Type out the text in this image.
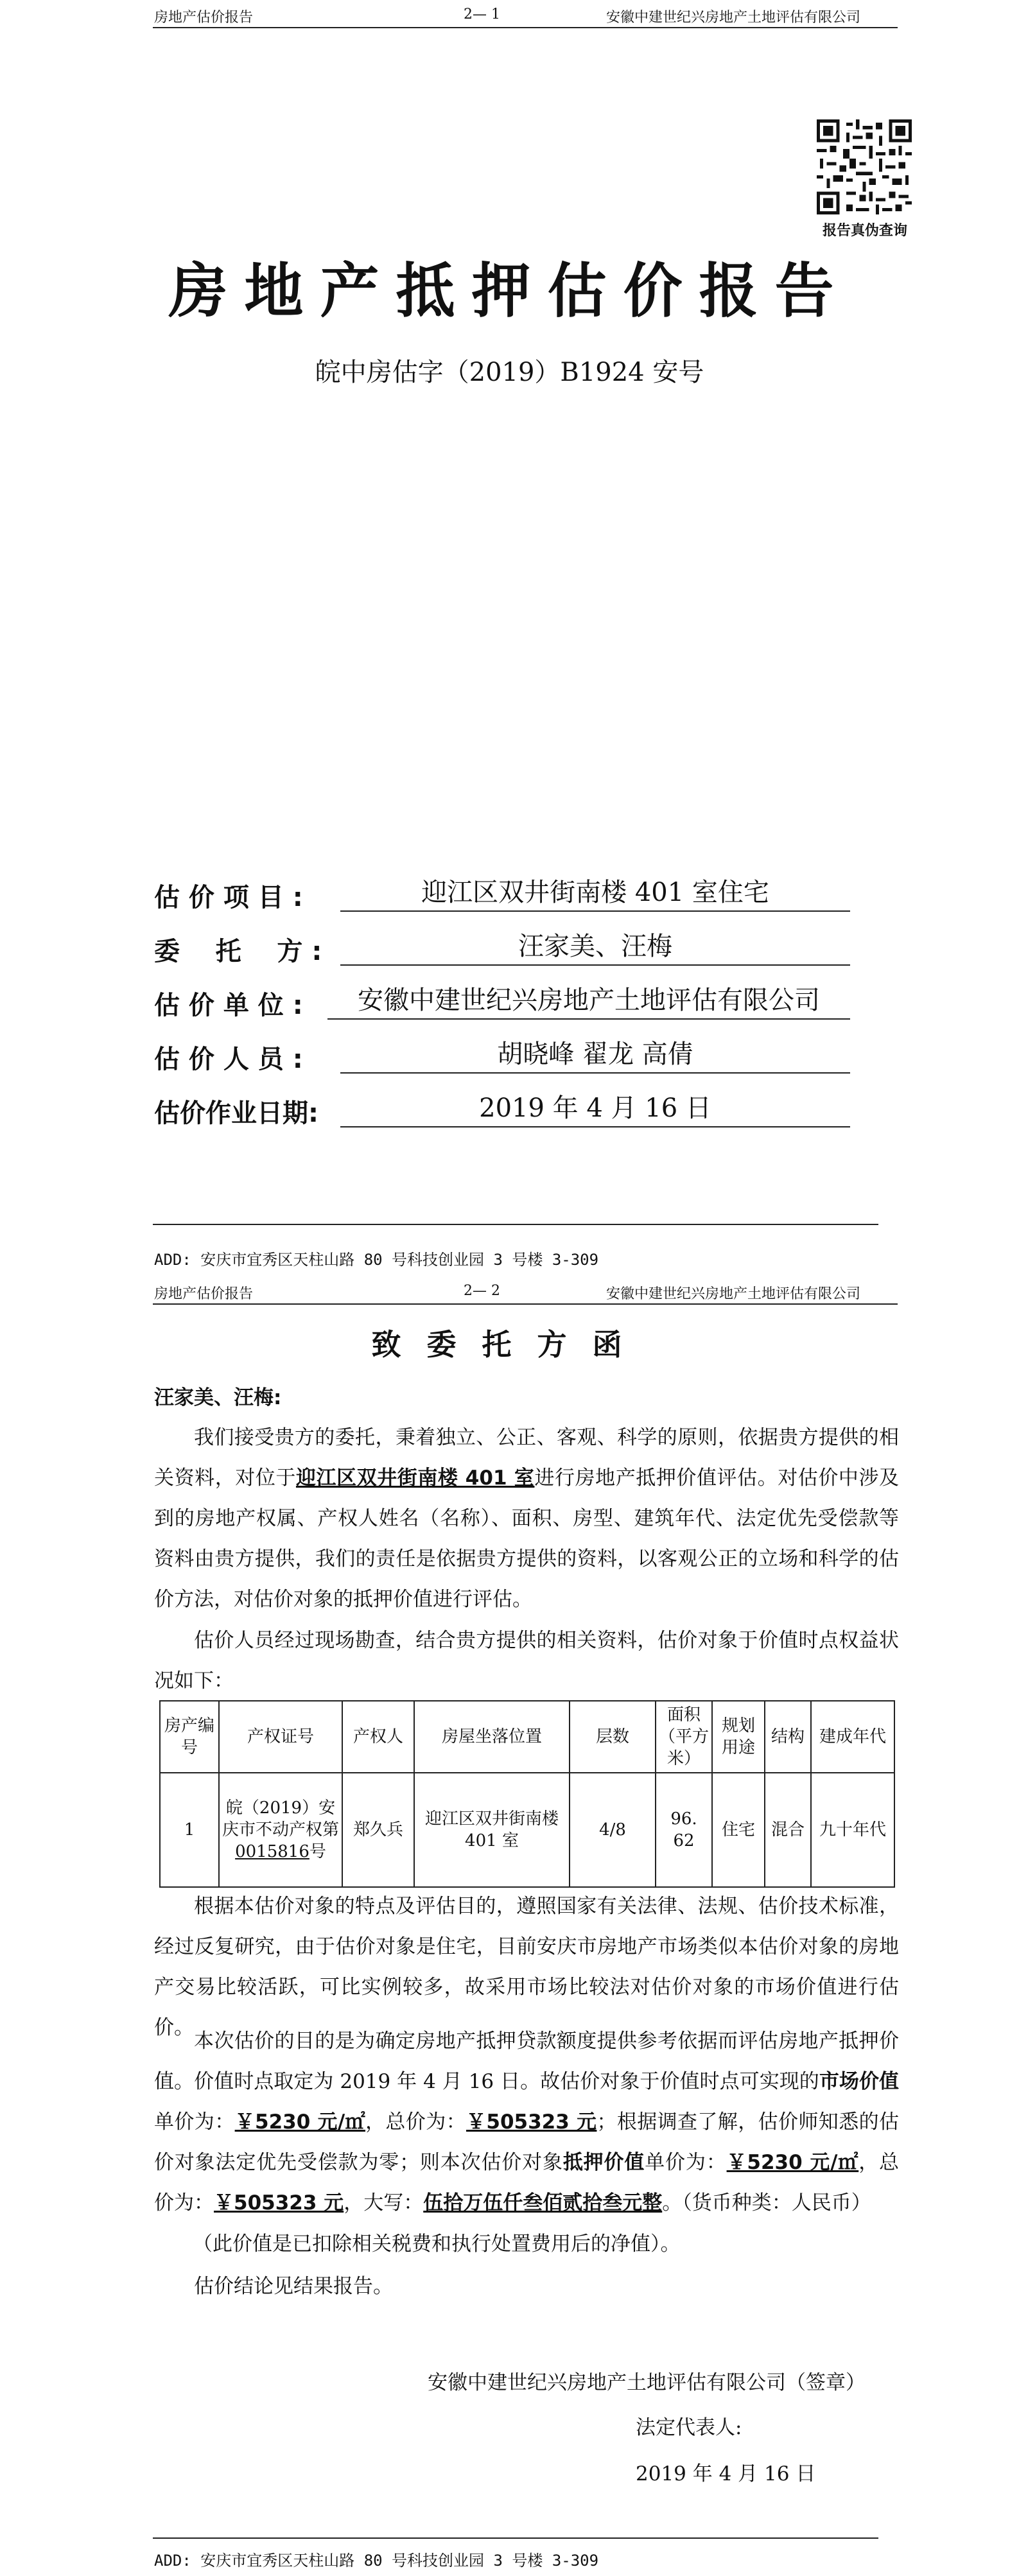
房地产估价报告	2— 1	安徽中建世纪兴房地产土地评估有限公司
报告真伪查询
房地产抵押估价报告
皖中房估字（2019）B1924 安号
估 价 项 目 :	迎江区双井街南楼 401 室住宅
委    托    方 :	汪家美、汪梅
估 价 单 位 :	安徽中建世纪兴房地产土地评估有限公司
估 价 人 员 :	胡晓峰 翟龙 高倩
估价作业日期:	2019 年 4 月 16 日
ADD: 安庆市宜秀区天柱山路 80 号科技创业园 3 号楼 3-309
房地产估价报告	2— 2	安徽中建世纪兴房地产土地评估有限公司
致委托方函
汪家美、汪梅:
我们接受贵方的委托，秉着独立、公正、客观、科学的原则，依据贵方提供的相关资料，对位于迎江区双井街南楼 401 室进行房地产抵押价值评估。对估价中涉及到的房地产权属、产权人姓名（名称）、面积、房型、建筑年代、法定优先受偿款等资料由贵方提供，我们的责任是依据贵方提供的资料，以客观公正的立场和科学的估价方法，对估价对象的抵押价值进行评估。
估价人员经过现场勘查，结合贵方提供的相关资料，估价对象于价值时点权益状况如下：
房产编号	产权证号	产权人	房屋坐落位置	层数	面积（平方米）	规划用途	结构	建成年代
1	皖（2019）安庆市不动产权第0015816号	郑久兵	迎江区双井街南楼 401 室	4/8	96. 62	住宅	混合	九十年代
根据本估价对象的特点及评估目的，遵照国家有关法律、法规、估价技术标准，经过反复研究，由于估价对象是住宅，目前安庆市房地产市场类似本估价对象的房地产交易比较活跃，可比实例较多，故采用市场比较法对估价对象的市场价值进行估价。
本次估价的目的是为确定房地产抵押贷款额度提供参考依据而评估房地产抵押价值。价值时点取定为 2019 年 4 月 16 日。故估价对象于价值时点可实现的市场价值单价为：￥5230 元/㎡，总价为：￥505323 元；根据调查了解，估价师知悉的估价对象法定优先受偿款为零；则本次估价对象抵押价值单价为：￥5230 元/㎡，总价为：￥505323 元，大写：伍拾万伍仟叁佰贰拾叁元整。（货币种类：人民币）
（此价值是已扣除相关税费和执行处置费用后的净值）。
估价结论见结果报告。
安徽中建世纪兴房地产土地评估有限公司（签章）
法定代表人:
2019 年 4 月 16 日
ADD: 安庆市宜秀区天柱山路 80 号科技创业园 3 号楼 3-309
